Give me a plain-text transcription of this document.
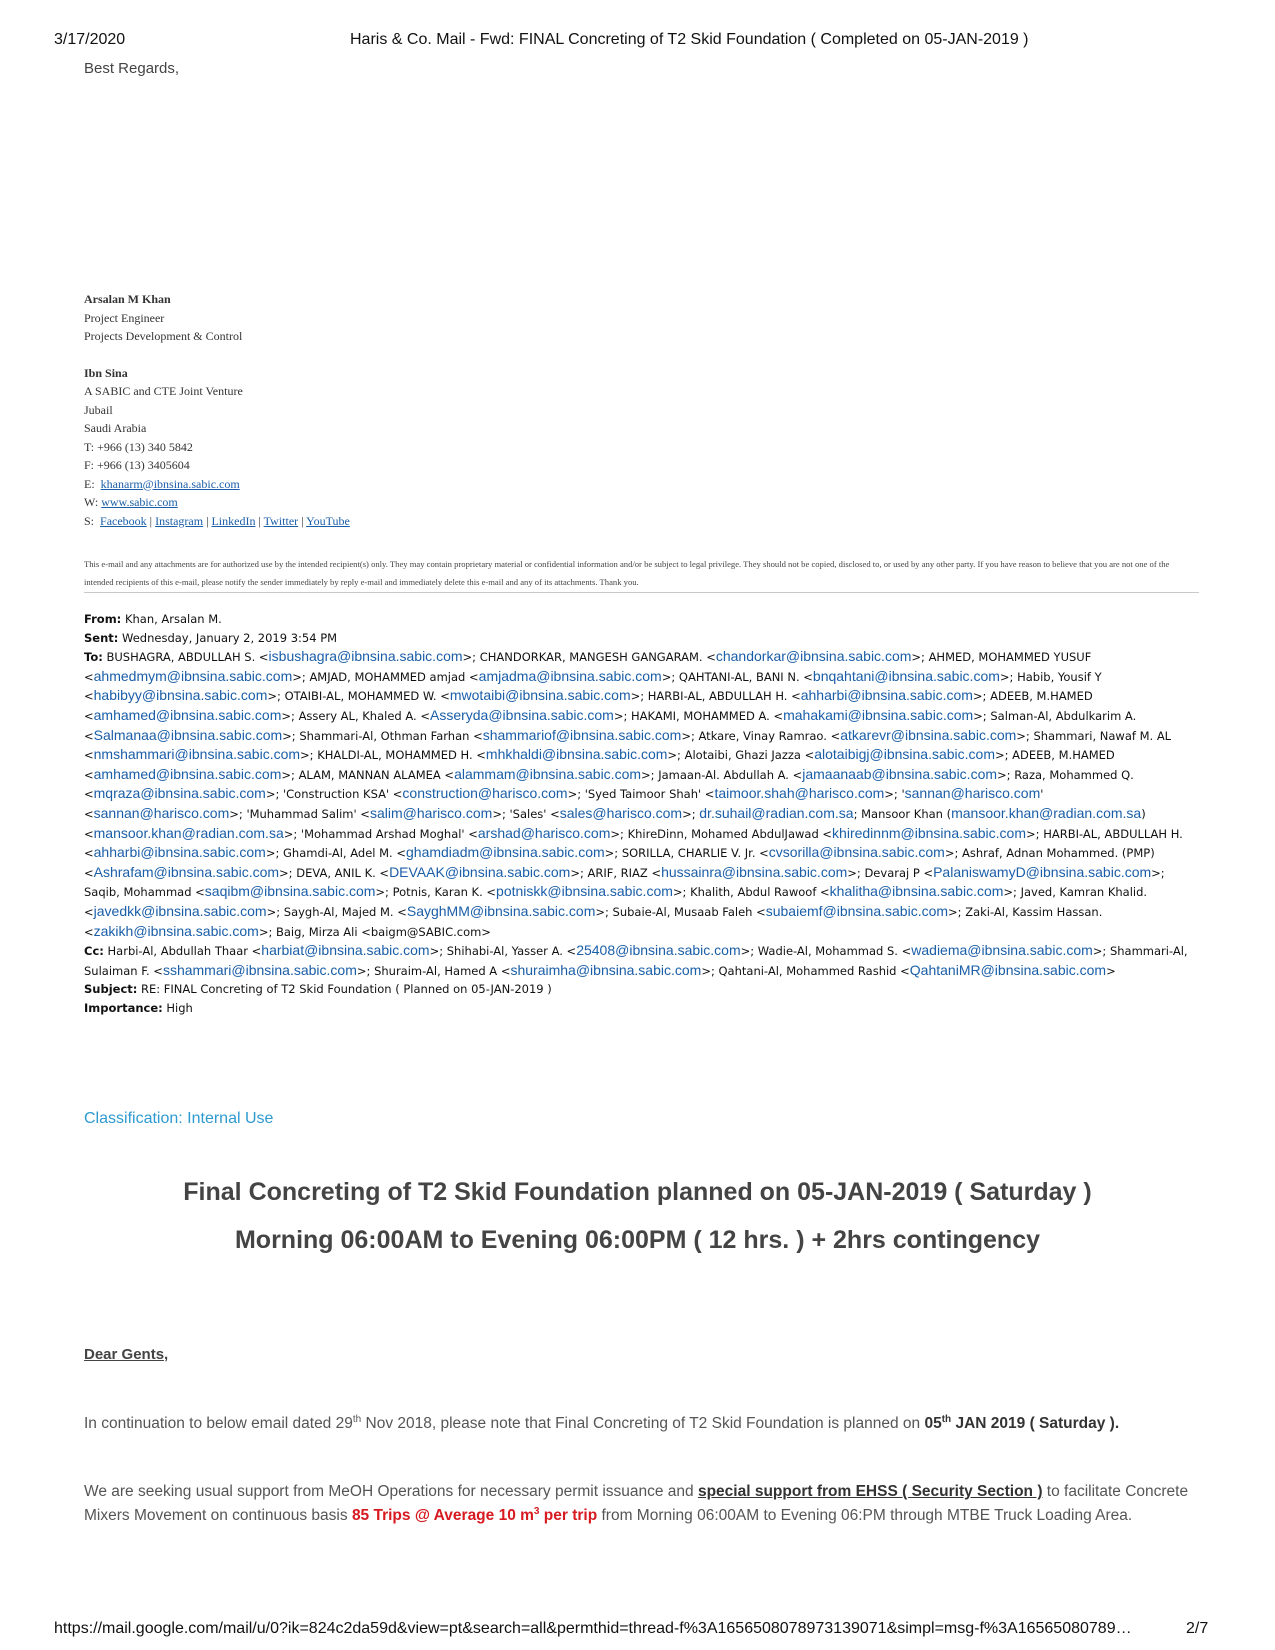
3/17/2020	Haris & Co. Mail - Fwd: FINAL Concreting of T2 Skid Foundation ( Completed on 05-JAN-2019 )
Best Regards,
Arsalan M Khan
Project Engineer
Projects Development & Control
Ibn Sina
A SABIC and CTE Joint Venture
Jubail
Saudi Arabia
T: +966 (13) 340 5842
F: +966 (13) 3405604
E: khanarm@ibnsina.sabic.com
W: www.sabic.com
S: Facebook | Instagram | LinkedIn | Twitter | YouTube
This e-mail and any attachments are for authorized use by the intended recipient(s) only. They may contain proprietary material or confidential information and/or be subject to legal privilege. They should not be copied, disclosed to, or used by any other party. If you have reason to believe that you are not one of the intended recipients of this e-mail, please notify the sender immediately by reply e-mail and immediately delete this e-mail and any of its attachments. Thank you.
From: Khan, Arsalan M.
Sent: Wednesday, January 2, 2019 3:54 PM
To: BUSHAGRA, ABDULLAH S. <isbushagra@ibnsina.sabic.com>; CHANDORKAR, MANGESH GANGARAM. <chandorkar@ibnsina.sabic.com>; AHMED, MOHAMMED YUSUF <ahmedmym@ibnsina.sabic.com>; AMJAD, MOHAMMED amjad <amjadma@ibnsina.sabic.com>; QAHTANI-AL, BANI N. <bnqahtani@ibnsina.sabic.com>; Habib, Yousif Y <habibyy@ibnsina.sabic.com>; OTAIBI-AL, MOHAMMED W. <mwotaibi@ibnsina.sabic.com>; HARBI-AL, ABDULLAH H. <ahharbi@ibnsina.sabic.com>; ADEEB, M.HAMED <amhamed@ibnsina.sabic.com>; Assery AL, Khaled A. <Asseryda@ibnsina.sabic.com>; HAKAMI, MOHAMMED A. <mahakami@ibnsina.sabic.com>; Salman-Al, Abdulkarim A. <Salmanaa@ibnsina.sabic.com>; Shammari-Al, Othman Farhan <shammariof@ibnsina.sabic.com>; Atkare, Vinay Ramrao. <atkarevr@ibnsina.sabic.com>; Shammari, Nawaf M. AL <nmshammari@ibnsina.sabic.com>; KHALDI-AL, MOHAMMED H. <mhkhaldi@ibnsina.sabic.com>; Alotaibi, Ghazi Jazza <alotaibigj@ibnsina.sabic.com>; ADEEB, M.HAMED <amhamed@ibnsina.sabic.com>; ALAM, MANNAN ALAMEA <alammam@ibnsina.sabic.com>; Jamaan-Al. Abdullah A. <jamaanaab@ibnsina.sabic.com>; Raza, Mohammed Q. <mqraza@ibnsina.sabic.com>; 'Construction KSA' <construction@harisco.com>; 'Syed Taimoor Shah' <taimoor.shah@harisco.com>; 'sannan@harisco.com' <sannan@harisco.com>; 'Muhammad Salim' <salim@harisco.com>; 'Sales' <sales@harisco.com>; dr.suhail@radian.com.sa; Mansoor Khan (mansoor.khan@radian.com.sa) <mansoor.khan@radian.com.sa>; 'Mohammad Arshad Moghal' <arshad@harisco.com>; KhireDinn, Mohamed AbdulJawad <khiredinnm@ibnsina.sabic.com>; HARBI-AL, ABDULLAH H. <ahharbi@ibnsina.sabic.com>; Ghamdi-Al, Adel M. <ghamdiadm@ibnsina.sabic.com>; SORILLA, CHARLIE V. Jr. <cvsorilla@ibnsina.sabic.com>; Ashraf, Adnan Mohammed. (PMP) <Ashrafam@ibnsina.sabic.com>; DEVA, ANIL K. <DEVAAK@ibnsina.sabic.com>; ARIF, RIAZ <hussainra@ibnsina.sabic.com>; Devaraj P <PalaniswamyD@ibnsina.sabic.com>; Saqib, Mohammad <saqibm@ibnsina.sabic.com>; Potnis, Karan K. <potniskk@ibnsina.sabic.com>; Khalith, Abdul Rawoof <khalitha@ibnsina.sabic.com>; Javed, Kamran Khalid. <javedkk@ibnsina.sabic.com>; Saygh-Al, Majed M. <SayghMM@ibnsina.sabic.com>; Subaie-Al, Musaab Faleh <subaiemf@ibnsina.sabic.com>; Zaki-Al, Kassim Hassan. <zakikh@ibnsina.sabic.com>; Baig, Mirza Ali <baigm@SABIC.com>
Cc: Harbi-Al, Abdullah Thaar <harbiat@ibnsina.sabic.com>; Shihabi-Al, Yasser A. <25408@ibnsina.sabic.com>; Wadie-Al, Mohammad S. <wadiema@ibnsina.sabic.com>; Shammari-Al, Sulaiman F. <sshammari@ibnsina.sabic.com>; Shuraim-Al, Hamed A <shuraimha@ibnsina.sabic.com>; Qahtani-Al, Mohammed Rashid <QahtaniMR@ibnsina.sabic.com>
Subject: RE: FINAL Concreting of T2 Skid Foundation ( Planned on 05-JAN-2019 )
Importance: High
Classification: Internal Use
Final Concreting of T2 Skid Foundation planned on 05-JAN-2019 ( Saturday )
Morning 06:00AM to Evening 06:00PM ( 12 hrs. ) + 2hrs contingency
Dear Gents,
In continuation to below email dated 29th Nov 2018, please note that Final Concreting of T2 Skid Foundation is planned on 05th JAN 2019 ( Saturday ).
We are seeking usual support from MeOH Operations for necessary permit issuance and special support from EHSS ( Security Section ) to facilitate Concrete Mixers Movement on continuous basis 85 Trips @ Average 10 $m^3$ per trip from Morning 06:00AM to Evening 06:PM through MTBE Truck Loading Area.
https://mail.google.com/mail/u/0?ik=824c2da59d&view=pt&search=all&permthid=thread-f%3A1656508078973139071&simpl=msg-f%3A16565080789…	2/7
